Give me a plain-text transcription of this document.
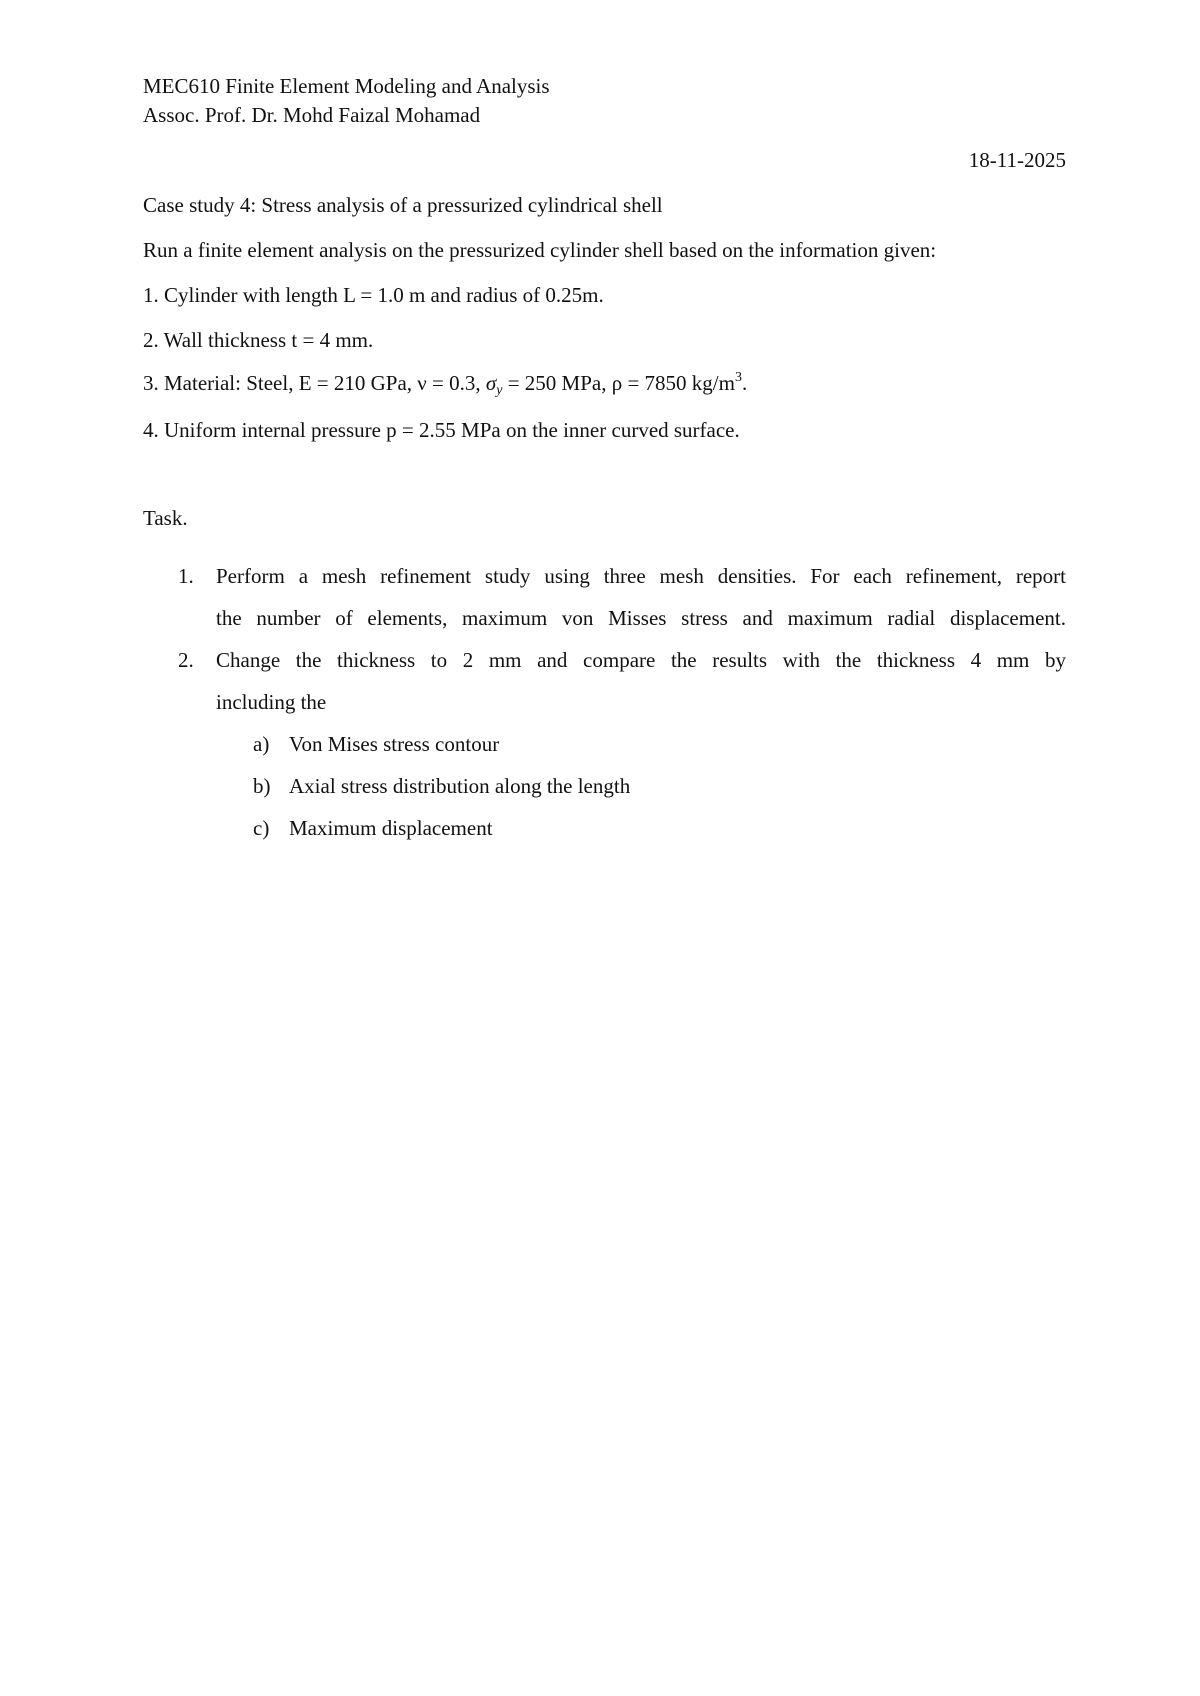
MEC610 Finite Element Modeling and Analysis
Assoc. Prof. Dr. Mohd Faizal Mohamad
18-11-2025
Case study 4: Stress analysis of a pressurized cylindrical shell
Run a finite element analysis on the pressurized cylinder shell based on the information given:
1. Cylinder with length L = 1.0 m and radius of 0.25m.
2. Wall thickness t = 4 mm.
3. Material: Steel, E = 210 GPa, ν = 0.3, $\sigma_y = 250$ MPa, ρ = 7850 $kg/m^3$.
4. Uniform internal pressure p = 2.55 MPa on the inner curved surface.
Task.
1. Perform a mesh refinement study using three mesh densities. For each refinement, report
the number of elements, maximum von Misses stress and maximum radial displacement.
2. Change the thickness to 2 mm and compare the results with the thickness 4 mm by
including the
a) Von Mises stress contour
b) Axial stress distribution along the length
c) Maximum displacement
